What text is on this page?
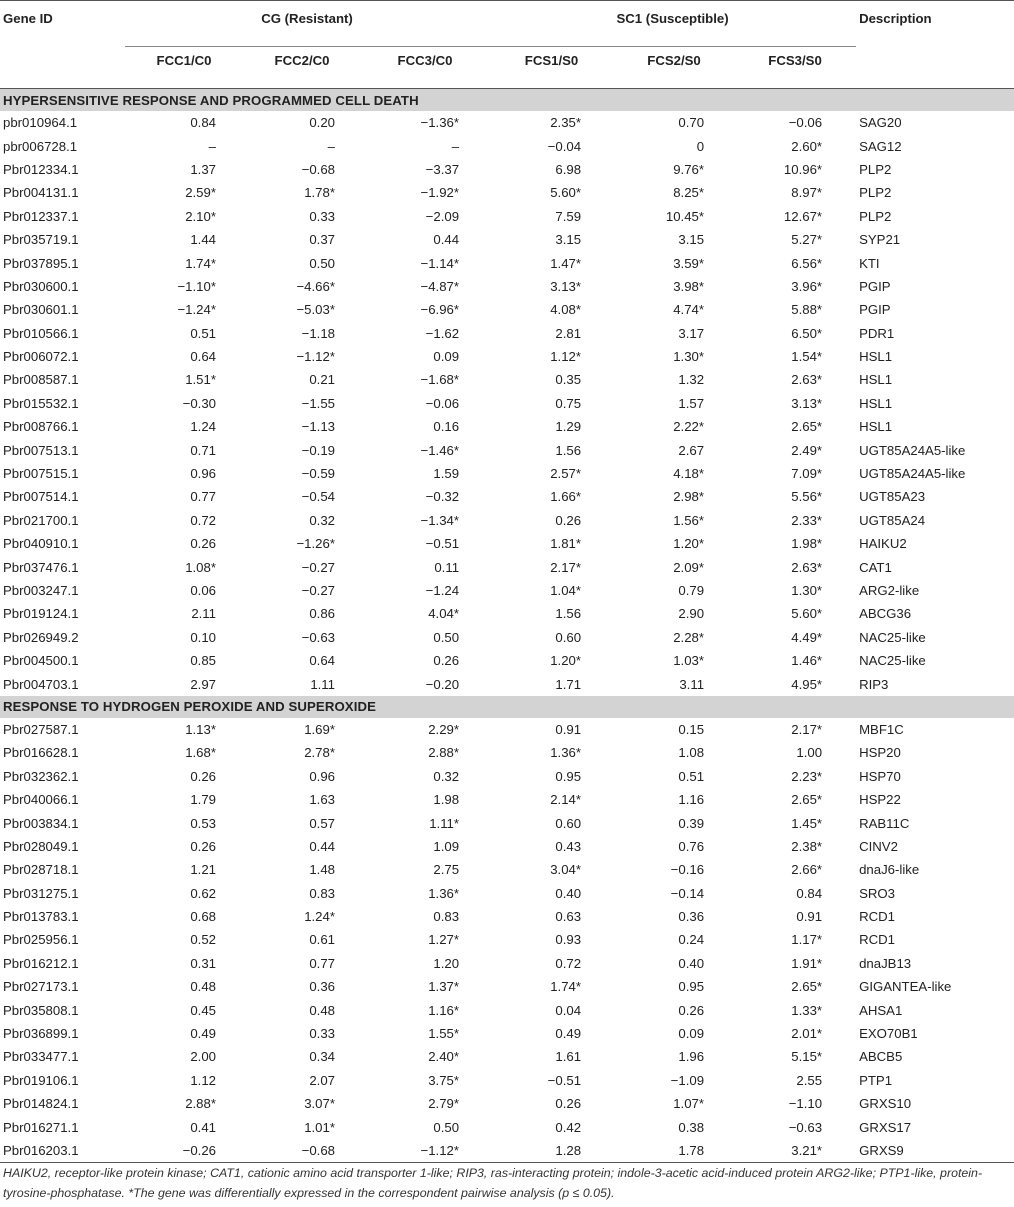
Gene ID	CG (Resistant)			SC1 (Susceptible)			Description
	FCC1/C0	FCC2/C0	FCC3/C0	FCS1/S0	FCS2/S0	FCS3/S0	
HYPERSENSITIVE RESPONSE AND PROGRAMMED CELL DEATH							
pbr010964.1	0.84	0.20	−1.36*	2.35*	0.70	−0.06	SAG20
pbr006728.1	–	–	–	−0.04	0	2.60*	SAG12
Pbr012334.1	1.37	−0.68	−3.37	6.98	9.76*	10.96*	PLP2
Pbr004131.1	2.59*	1.78*	−1.92*	5.60*	8.25*	8.97*	PLP2
Pbr012337.1	2.10*	0.33	−2.09	7.59	10.45*	12.67*	PLP2
Pbr035719.1	1.44	0.37	0.44	3.15	3.15	5.27*	SYP21
Pbr037895.1	1.74*	0.50	−1.14*	1.47*	3.59*	6.56*	KTI
Pbr030600.1	−1.10*	−4.66*	−4.87*	3.13*	3.98*	3.96*	PGIP
Pbr030601.1	−1.24*	−5.03*	−6.96*	4.08*	4.74*	5.88*	PGIP
Pbr010566.1	0.51	−1.18	−1.62	2.81	3.17	6.50*	PDR1
Pbr006072.1	0.64	−1.12*	0.09	1.12*	1.30*	1.54*	HSL1
Pbr008587.1	1.51*	0.21	−1.68*	0.35	1.32	2.63*	HSL1
Pbr015532.1	−0.30	−1.55	−0.06	0.75	1.57	3.13*	HSL1
Pbr008766.1	1.24	−1.13	0.16	1.29	2.22*	2.65*	HSL1
Pbr007513.1	0.71	−0.19	−1.46*	1.56	2.67	2.49*	UGT85A24A5-like
Pbr007515.1	0.96	−0.59	1.59	2.57*	4.18*	7.09*	UGT85A24A5-like
Pbr007514.1	0.77	−0.54	−0.32	1.66*	2.98*	5.56*	UGT85A23
Pbr021700.1	0.72	0.32	−1.34*	0.26	1.56*	2.33*	UGT85A24
Pbr040910.1	0.26	−1.26*	−0.51	1.81*	1.20*	1.98*	HAIKU2
Pbr037476.1	1.08*	−0.27	0.11	2.17*	2.09*	2.63*	CAT1
Pbr003247.1	0.06	−0.27	−1.24	1.04*	0.79	1.30*	ARG2-like
Pbr019124.1	2.11	0.86	4.04*	1.56	2.90	5.60*	ABCG36
Pbr026949.2	0.10	−0.63	0.50	0.60	2.28*	4.49*	NAC25-like
Pbr004500.1	0.85	0.64	0.26	1.20*	1.03*	1.46*	NAC25-like
Pbr004703.1	2.97	1.11	−0.20	1.71	3.11	4.95*	RIP3
RESPONSE TO HYDROGEN PEROXIDE AND SUPEROXIDE							
Pbr027587.1	1.13*	1.69*	2.29*	0.91	0.15	2.17*	MBF1C
Pbr016628.1	1.68*	2.78*	2.88*	1.36*	1.08	1.00	HSP20
Pbr032362.1	0.26	0.96	0.32	0.95	0.51	2.23*	HSP70
Pbr040066.1	1.79	1.63	1.98	2.14*	1.16	2.65*	HSP22
Pbr003834.1	0.53	0.57	1.11*	0.60	0.39	1.45*	RAB11C
Pbr028049.1	0.26	0.44	1.09	0.43	0.76	2.38*	CINV2
Pbr028718.1	1.21	1.48	2.75	3.04*	−0.16	2.66*	dnaJ6-like
Pbr031275.1	0.62	0.83	1.36*	0.40	−0.14	0.84	SRO3
Pbr013783.1	0.68	1.24*	0.83	0.63	0.36	0.91	RCD1
Pbr025956.1	0.52	0.61	1.27*	0.93	0.24	1.17*	RCD1
Pbr016212.1	0.31	0.77	1.20	0.72	0.40	1.91*	dnaJB13
Pbr027173.1	0.48	0.36	1.37*	1.74*	0.95	2.65*	GIGANTEA-like
Pbr035808.1	0.45	0.48	1.16*	0.04	0.26	1.33*	AHSA1
Pbr036899.1	0.49	0.33	1.55*	0.49	0.09	2.01*	EXO70B1
Pbr033477.1	2.00	0.34	2.40*	1.61	1.96	5.15*	ABCB5
Pbr019106.1	1.12	2.07	3.75*	−0.51	−1.09	2.55	PTP1
Pbr014824.1	2.88*	3.07*	2.79*	0.26	1.07*	−1.10	GRXS10
Pbr016271.1	0.41	1.01*	0.50	0.42	0.38	−0.63	GRXS17
Pbr016203.1	−0.26	−0.68	−1.12*	1.28	1.78	3.21*	GRXS9
HAIKU2, receptor-like protein kinase; CAT1, cationic amino acid transporter 1-like; RIP3, ras-interacting protein; indole-3-acetic acid-induced protein ARG2-like; PTP1-like, protein-tyrosine-phosphatase. *The gene was differentially expressed in the correspondent pairwise analysis (p ≤ 0.05).
